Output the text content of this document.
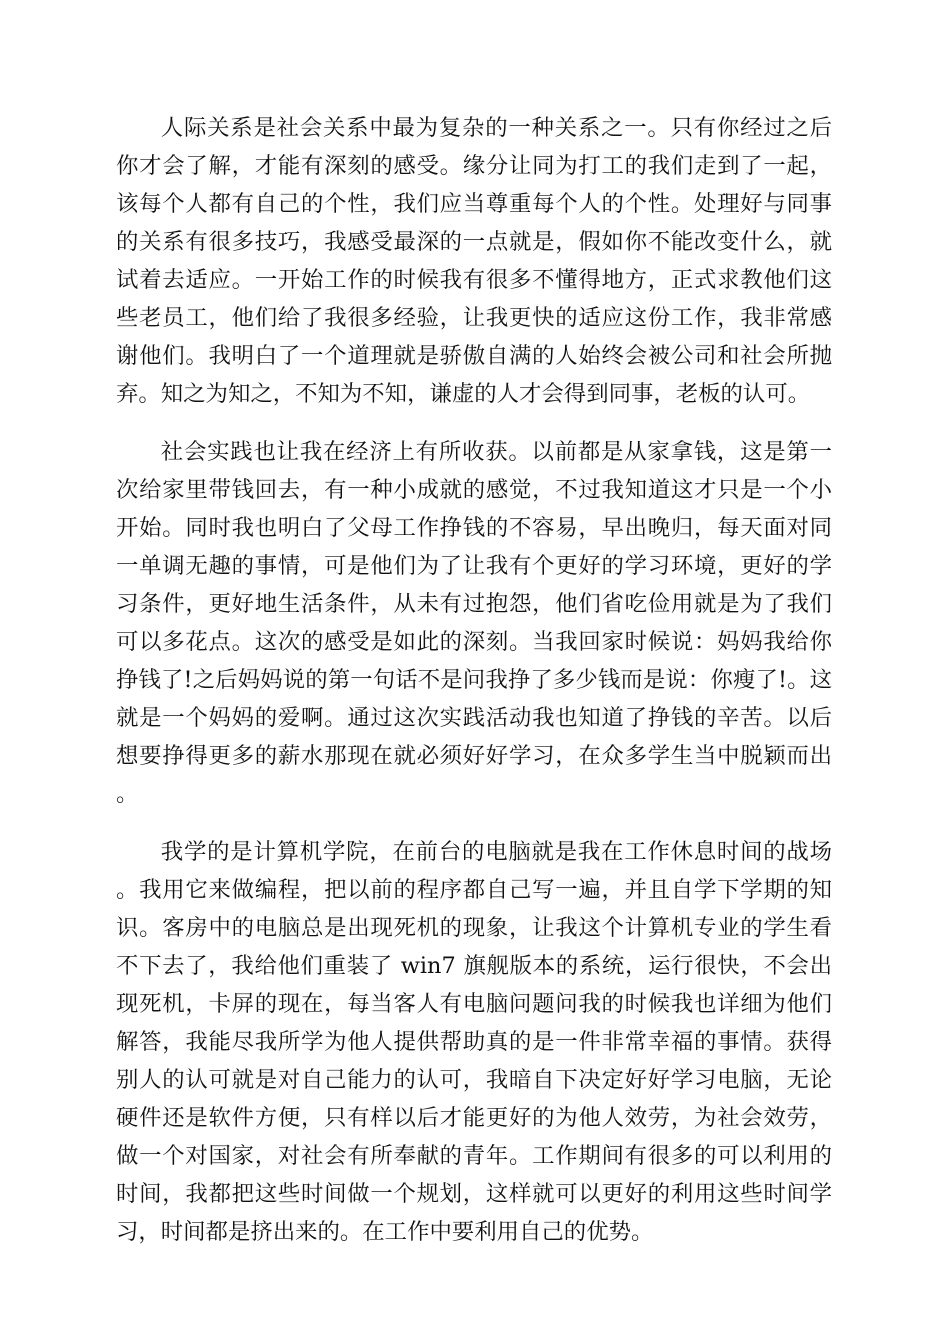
人际关系是社会关系中最为复杂的一种关系之一。只有你经过之后你才会了解，才能有深刻的感受。缘分让同为打工的我们走到了一起，该每个人都有自己的个性，我们应当尊重每个人的个性。处理好与同事的关系有很多技巧，我感受最深的一点就是，假如你不能改变什么，就试着去适应。一开始工作的时候我有很多不懂得地方，正式求教他们这些老员工，他们给了我很多经验，让我更快的适应这份工作，我非常感谢他们。我明白了一个道理就是骄傲自满的人始终会被公司和社会所抛弃。知之为知之，不知为不知，谦虚的人才会得到同事，老板的认可。

社会实践也让我在经济上有所收获。以前都是从家拿钱，这是第一次给家里带钱回去，有一种小成就的感觉，不过我知道这才只是一个小开始。同时我也明白了父母工作挣钱的不容易，早出晚归，每天面对同一单调无趣的事情，可是他们为了让我有个更好的学习环境，更好的学习条件，更好地生活条件，从未有过抱怨，他们省吃俭用就是为了我们可以多花点。这次的感受是如此的深刻。当我回家时候说：妈妈我给你挣钱了!之后妈妈说的第一句话不是问我挣了多少钱而是说：你瘦了!。这就是一个妈妈的爱啊。通过这次实践活动我也知道了挣钱的辛苦。以后想要挣得更多的薪水那现在就必须好好学习，在众多学生当中脱颖而出。

我学的是计算机学院，在前台的电脑就是我在工作休息时间的战场。我用它来做编程，把以前的程序都自己写一遍，并且自学下学期的知识。客房中的电脑总是出现死机的现象，让我这个计算机专业的学生看不下去了，我给他们重装了 win7 旗舰版本的系统，运行很快，不会出现死机，卡屏的现在，每当客人有电脑问题问我的时候我也详细为他们解答，我能尽我所学为他人提供帮助真的是一件非常幸福的事情。获得别人的认可就是对自己能力的认可，我暗自下决定好好学习电脑，无论硬件还是软件方便，只有样以后才能更好的为他人效劳，为社会效劳，做一个对国家，对社会有所奉献的青年。工作期间有很多的可以利用的时间，我都把这些时间做一个规划，这样就可以更好的利用这些时间学习，时间都是挤出来的。在工作中要利用自己的优势。
